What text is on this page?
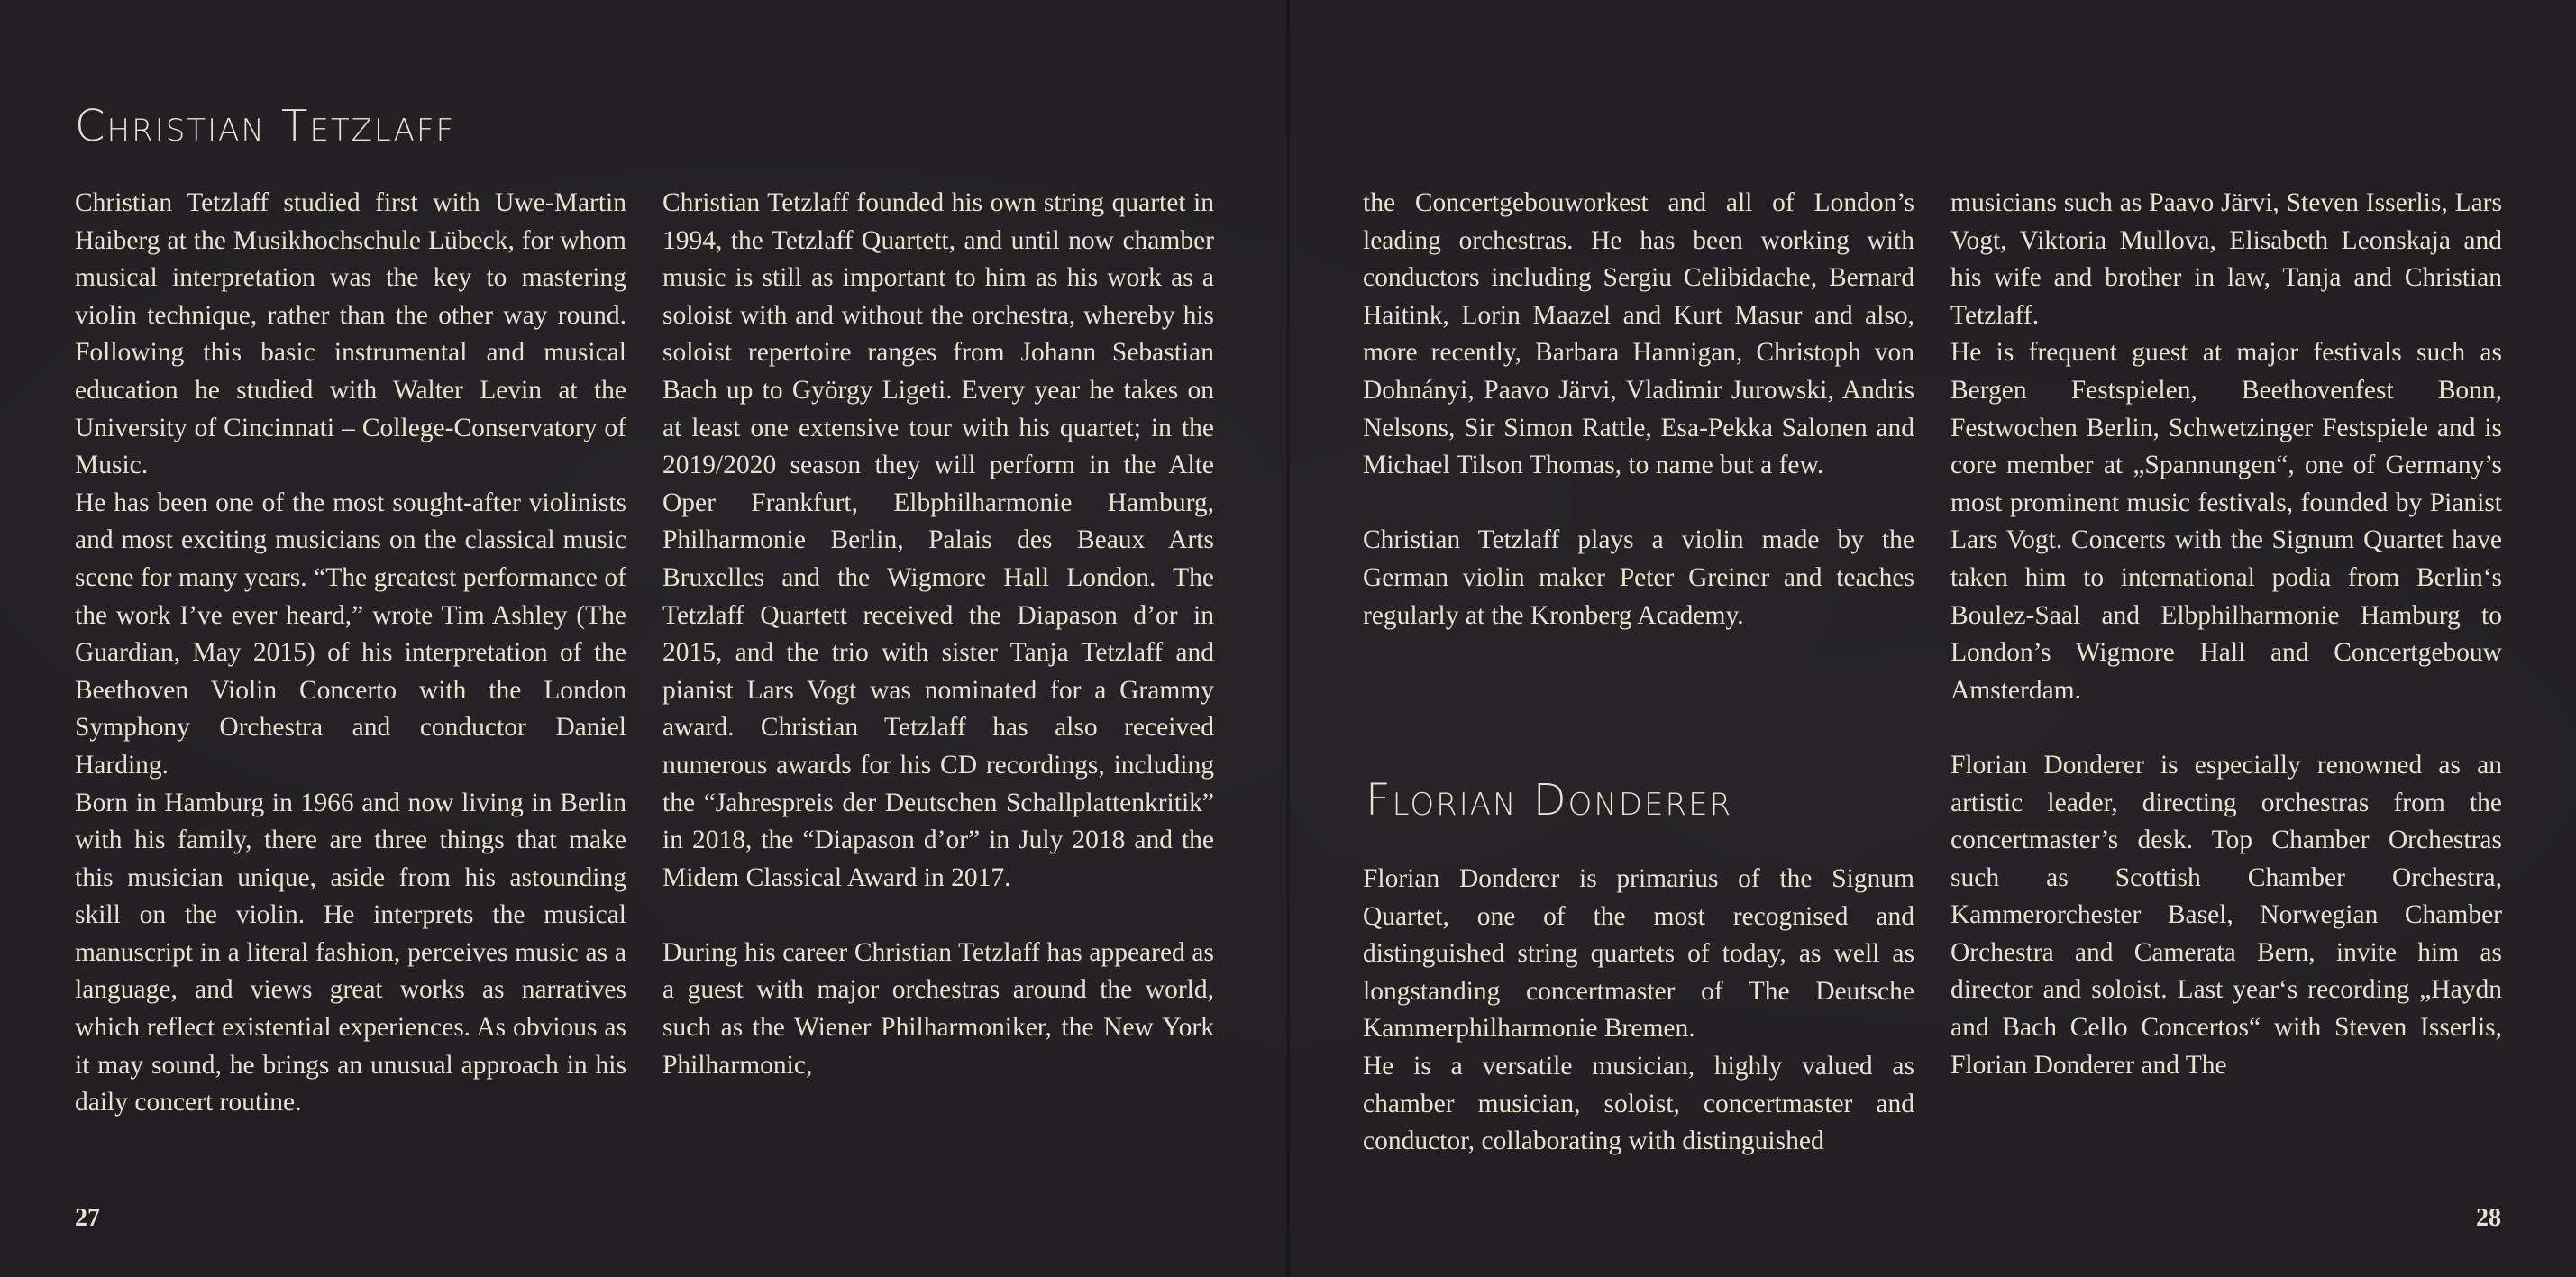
Christian Tetzlaff

Christian Tetzlaff studied first with Uwe-Martin Haiberg at the Musikhochschule Lübeck, for whom musical interpretation was the key to mastering violin technique, rather than the other way round. Following this basic instrumental and musical education he studied with Walter Levin at the University of Cincinnati – College-Conservatory of Music.

He has been one of the most sought-after violinists and most exciting musicians on the classical music scene for many years. “The greatest performance of the work I’ve ever heard,” wrote Tim Ashley (The Guardian, May 2015) of his interpretation of the Beethoven Violin Concerto with the London Symphony Orchestra and conductor Daniel Harding.

Born in Hamburg in 1966 and now living in Berlin with his family, there are three things that make this musician unique, aside from his astounding skill on the violin. He interprets the musical manuscript in a literal fashion, perceives music as a language, and views great works as narratives which reflect existential experiences. As obvious as it may sound, he brings an unusual approach in his daily concert routine.

Christian Tetzlaff founded his own string quartet in 1994, the Tetzlaff Quartett, and until now chamber music is still as important to him as his work as a soloist with and without the orchestra, whereby his soloist repertoire ranges from Johann Sebastian Bach up to György Ligeti. Every year he takes on at least one extensive tour with his quartet; in the 2019/2020 season they will perform in the Alte Oper Frankfurt, Elbphilharmonie Hamburg, Philharmonie Berlin, Palais des Beaux Arts Bruxelles and the Wigmore Hall London. The Tetzlaff Quartett received the Diapason d’or in 2015, and the trio with sister Tanja Tetzlaff and pianist Lars Vogt was nominated for a Grammy award. Christian Tetzlaff has also received numerous awards for his CD recordings, including the “Jahrespreis der Deutschen Schallplattenkritik” in 2018, the “Diapason d’or” in July 2018 and the Midem Classical Award in 2017.

During his career Christian Tetzlaff has appeared as a guest with major orchestras around the world, such as the Wiener Philharmoniker, the New York Philharmonic,

27

the Concertgebouworkest and all of London’s leading orchestras. He has been working with conductors including Sergiu Celibidache, Bernard Haitink, Lorin Maazel and Kurt Masur and also, more recently, Barbara Hannigan, Christoph von Dohnányi, Paavo Järvi, Vladimir Jurowski, Andris Nelsons, Sir Simon Rattle, Esa-Pekka Salonen and Michael Tilson Thomas, to name but a few.

Christian Tetzlaff plays a violin made by the German violin maker Peter Greiner and teaches regularly at the Kronberg Academy.

Florian Donderer

Florian Donderer is primarius of the Signum Quartet, one of the most recognised and distinguished string quartets of today, as well as longstanding concertmaster of The Deutsche Kammerphilharmonie Bremen.

He is a versatile musician, highly valued as chamber musician, soloist, concertmaster and conductor, collaborating with distinguished

musicians such as Paavo Järvi, Steven Isserlis, Lars Vogt, Viktoria Mullova, Elisabeth Leonskaja and his wife and brother in law, Tanja and Christian Tetzlaff.

He is frequent guest at major festivals such as Bergen Festspielen, Beethovenfest Bonn, Festwochen Berlin, Schwetzinger Festspiele and is core member at „Spannungen“, one of Germany’s most prominent music festivals, founded by Pianist Lars Vogt. Concerts with the Signum Quartet have taken him to international podia from Berlin‘s Boulez-Saal and Elbphilharmonie Hamburg to London’s Wigmore Hall and Concertgebouw Amsterdam.

Florian Donderer is especially renowned as an artistic leader, directing orchestras from the concertmaster’s desk. Top Chamber Orchestras such as Scottish Chamber Orchestra, Kammerorchester Basel, Norwegian Chamber Orchestra and Camerata Bern, invite him as director and soloist. Last year‘s recording „Haydn and Bach Cello Concertos“ with Steven Isserlis, Florian Donderer and The

28
